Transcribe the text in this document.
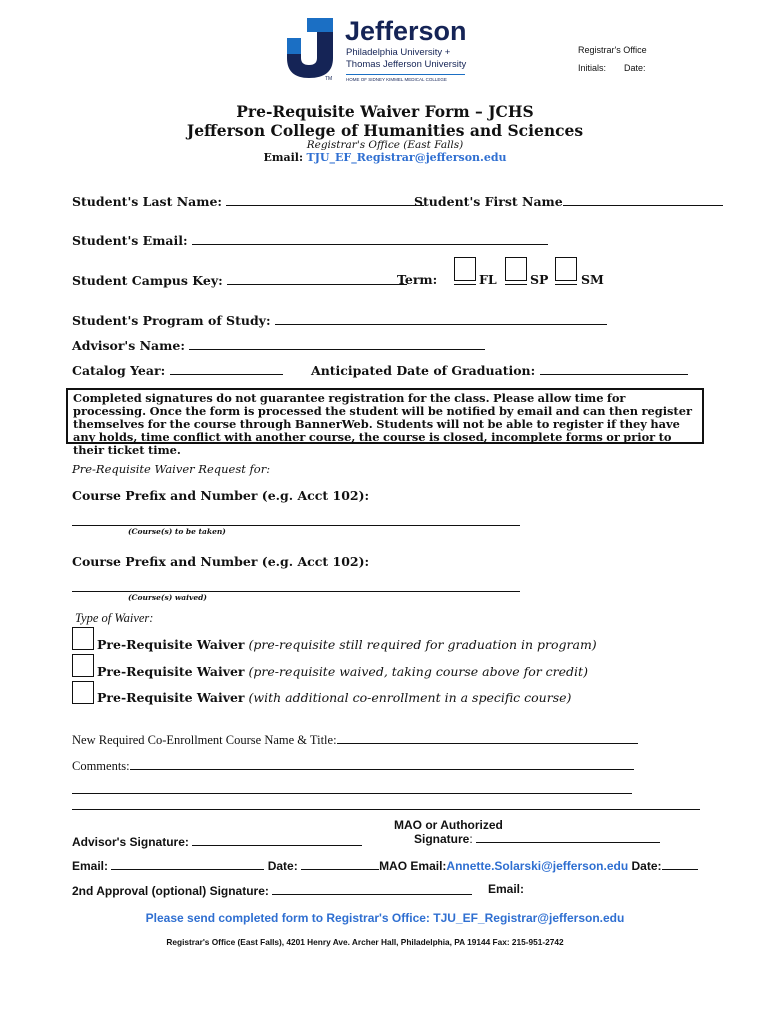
TM
Jefferson
Philadelphia University +
Thomas Jefferson University
HOME OF SIDNEY KIMMEL MEDICAL COLLEGE
Registrar's Office
Initials: Date:
Pre-Requisite Waiver Form – JCHS
Jefferson College of Humanities and Sciences
Registrar's Office (East Falls)
Email: TJU_EF_Registrar@jefferson.edu
Student's Last Name:	Student's First Name
Student's Email:
Student Campus Key:	Term:	FL	SP	SM
Student's Program of Study:
Advisor's Name:
Catalog Year:	Anticipated Date of Graduation:
Completed signatures do not guarantee registration for the class. Please allow time for processing. Once the form is processed the student will be notified by email and can then register themselves for the course through BannerWeb. Students will not be able to register if they have any holds, time conflict with another course, the course is closed, incomplete forms or prior to their ticket time.
Pre-Requisite Waiver Request for:
Course Prefix and Number (e.g. Acct 102):
(Course(s) to be taken)
Course Prefix and Number (e.g. Acct 102):
(Course(s) waived)
Type of Waiver:
Pre-Requisite Waiver (pre-requisite still required for graduation in program)
Pre-Requisite Waiver (pre-requisite waived, taking course above for credit)
Pre-Requisite Waiver (with additional co-enrollment in a specific course)
New Required Co-Enrollment Course Name & Title:
Comments:
MAO or Authorized
Signature:
Advisor's Signature:
Email:	Date:	MAO Email:Annette.Solarski@jefferson.edu Date:
2nd Approval (optional) Signature:	Email:
Please send completed form to Registrar's Office: TJU_EF_Registrar@jefferson.edu
Registrar's Office (East Falls), 4201 Henry Ave. Archer Hall, Philadelphia, PA 19144 Fax: 215-951-2742
